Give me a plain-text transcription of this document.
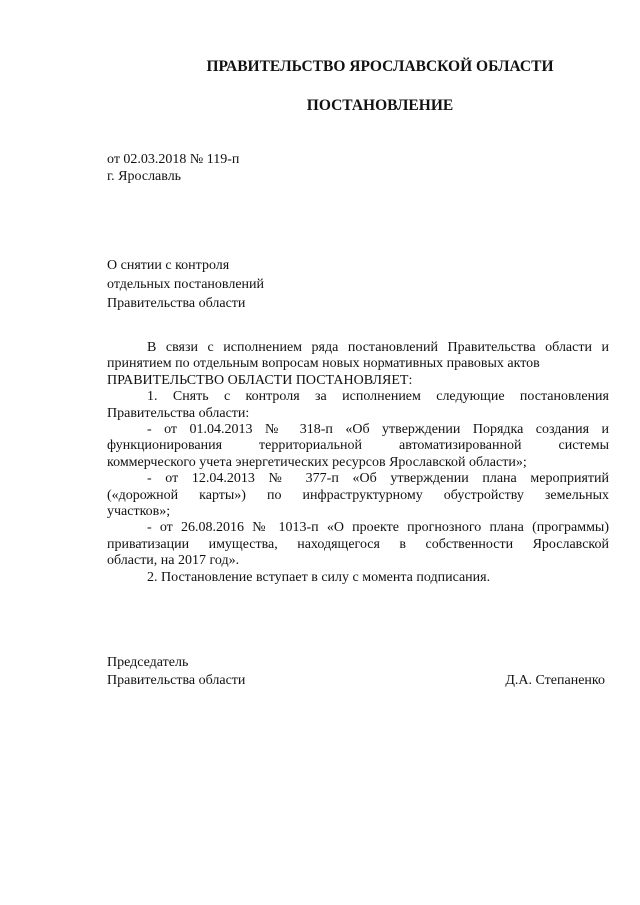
ПРАВИТЕЛЬСТВО ЯРОСЛАВСКОЙ ОБЛАСТИ
ПОСТАНОВЛЕНИЕ
от 02.03.2018 № 119-п
г. Ярославль
О снятии с контроля
отдельных постановлений
Правительства области

В связи с исполнением ряда постановлений Правительства области и

принятием по отдельным вопросам новых нормативных правовых актов

ПРАВИТЕЛЬСТВО ОБЛАСТИ ПОСТАНОВЛЯЕТ:

1. Снять с контроля за исполнением следующие постановления

Правительства области:

- от 01.04.2013 № 318-п «Об утверждении Порядка создания и

функционирования территориальной автоматизированной системы

коммерческого учета энергетических ресурсов Ярославской области»;

- от 12.04.2013 № 377-п «Об утверждении плана мероприятий

(«дорожной карты») по инфраструктурному обустройству земельных

участков»;

- от 26.08.2016 № 1013-п «О проекте прогнозного плана (программы)

приватизации имущества, находящегося в собственности Ярославской

области, на 2017 год».

2. Постановление вступает в силу с момента подписания.

Председатель
Правительства области	Д.А. Степаненко
